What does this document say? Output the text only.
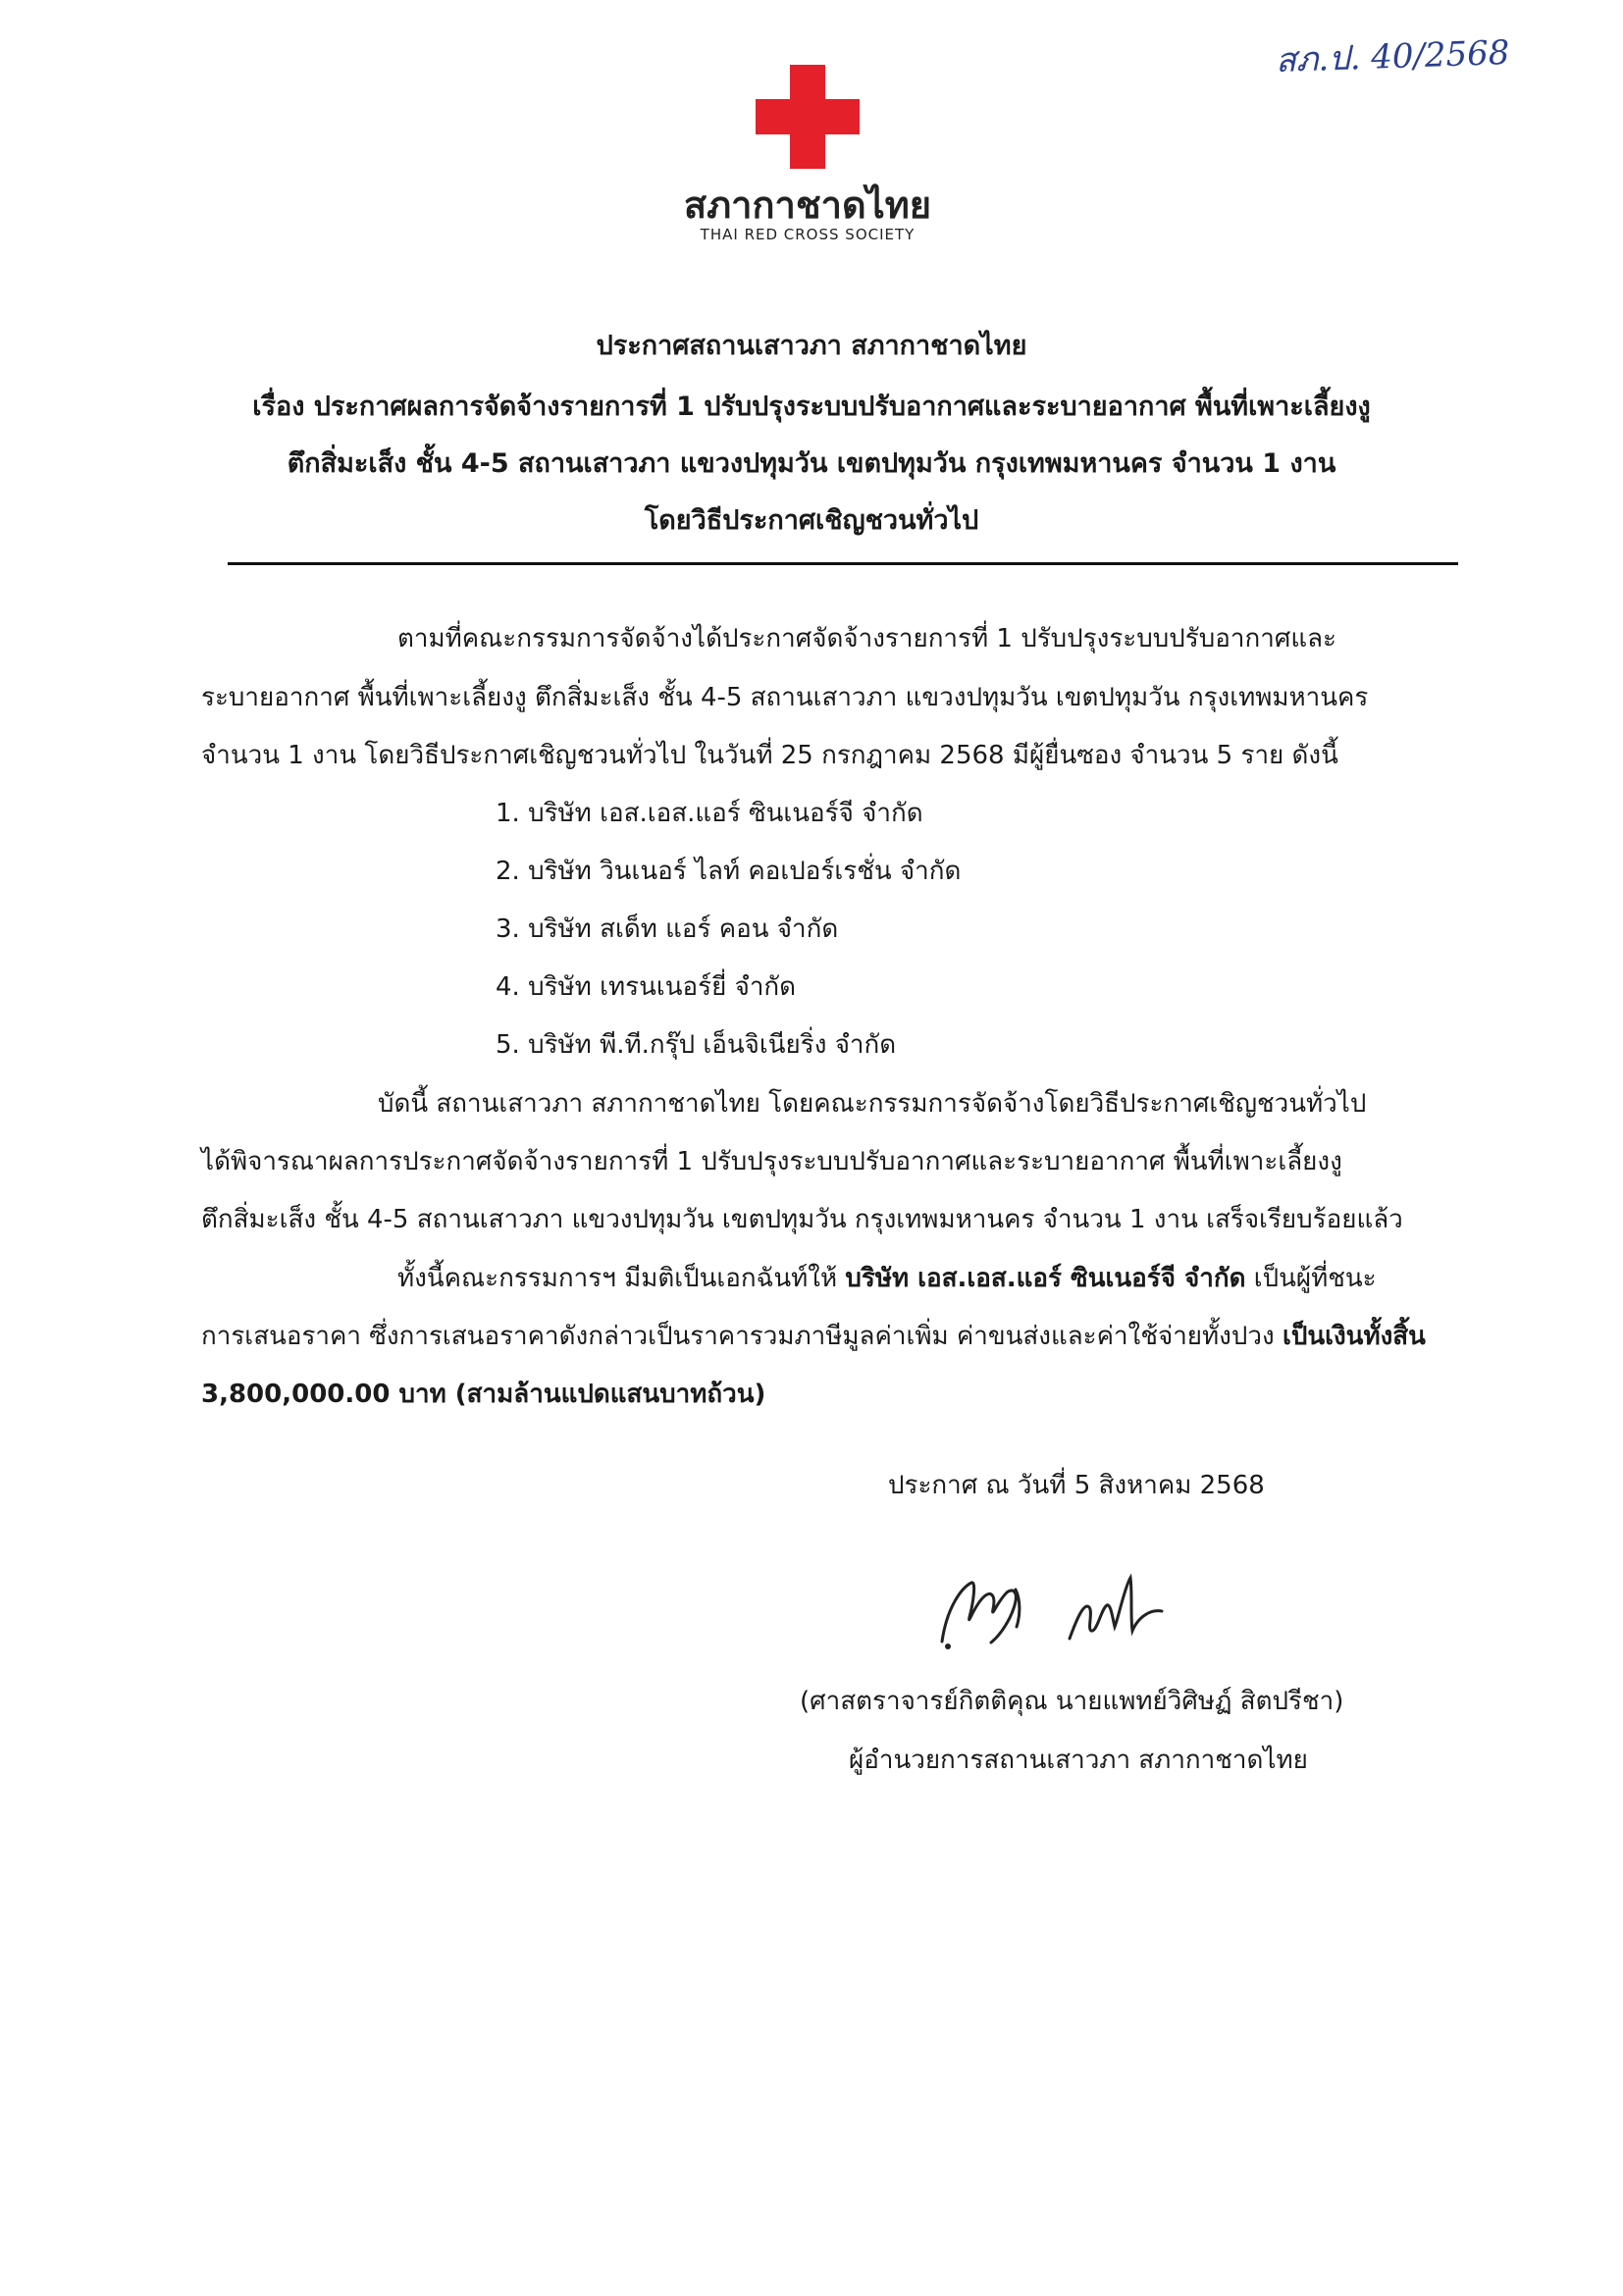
สภ.ป. 40/2568
สภากาชาดไทย
THAI RED CROSS SOCIETY
ประกาศสถานเสาวภา สภากาชาดไทย
เรื่อง ประกาศผลการจัดจ้างรายการที่ 1 ปรับปรุงระบบปรับอากาศและระบายอากาศ พื้นที่เพาะเลี้ยงงู
ตึกสิ่มะเส็ง ชั้น 4-5 สถานเสาวภา แขวงปทุมวัน เขตปทุมวัน กรุงเทพมหานคร จำนวน 1 งาน
โดยวิธีประกาศเชิญชวนทั่วไป
ตามที่คณะกรรมการจัดจ้างได้ประกาศจัดจ้างรายการที่ 1 ปรับปรุงระบบปรับอากาศและ
ระบายอากาศ พื้นที่เพาะเลี้ยงงู ตึกสิ่มะเส็ง ชั้น 4-5 สถานเสาวภา แขวงปทุมวัน เขตปทุมวัน กรุงเทพมหานคร
จำนวน 1 งาน โดยวิธีประกาศเชิญชวนทั่วไป ในวันที่ 25 กรกฎาคม 2568 มีผู้ยื่นซอง จำนวน 5 ราย ดังนี้
1. บริษัท เอส.เอส.แอร์ ซินเนอร์จี จำกัด
2. บริษัท วินเนอร์ ไลท์ คอเปอร์เรชั่น จำกัด
3. บริษัท สเด็ท แอร์ คอน จำกัด
4. บริษัท เทรนเนอร์ยี่ จำกัด
5. บริษัท พี.ที.กรุ๊ป เอ็นจิเนียริ่ง จำกัด
บัดนี้ สถานเสาวภา สภากาชาดไทย โดยคณะกรรมการจัดจ้างโดยวิธีประกาศเชิญชวนทั่วไป
ได้พิจารณาผลการประกาศจัดจ้างรายการที่ 1 ปรับปรุงระบบปรับอากาศและระบายอากาศ พื้นที่เพาะเลี้ยงงู
ตึกสิ่มะเส็ง ชั้น 4-5 สถานเสาวภา แขวงปทุมวัน เขตปทุมวัน กรุงเทพมหานคร จำนวน 1 งาน เสร็จเรียบร้อยแล้ว
ทั้งนี้คณะกรรมการฯ มีมติเป็นเอกฉันท์ให้ บริษัท เอส.เอส.แอร์ ซินเนอร์จี จำกัด เป็นผู้ที่ชนะ
การเสนอราคา ซึ่งการเสนอราคาดังกล่าวเป็นราคารวมภาษีมูลค่าเพิ่ม ค่าขนส่งและค่าใช้จ่ายทั้งปวง เป็นเงินทั้งสิ้น
3,800,000.00 บาท (สามล้านแปดแสนบาทถ้วน)
ประกาศ ณ วันที่ 5 สิงหาคม 2568
(ศาสตราจารย์กิตติคุณ นายแพทย์วิศิษฏ์ สิตปรีชา)
ผู้อำนวยการสถานเสาวภา สภากาชาดไทย
